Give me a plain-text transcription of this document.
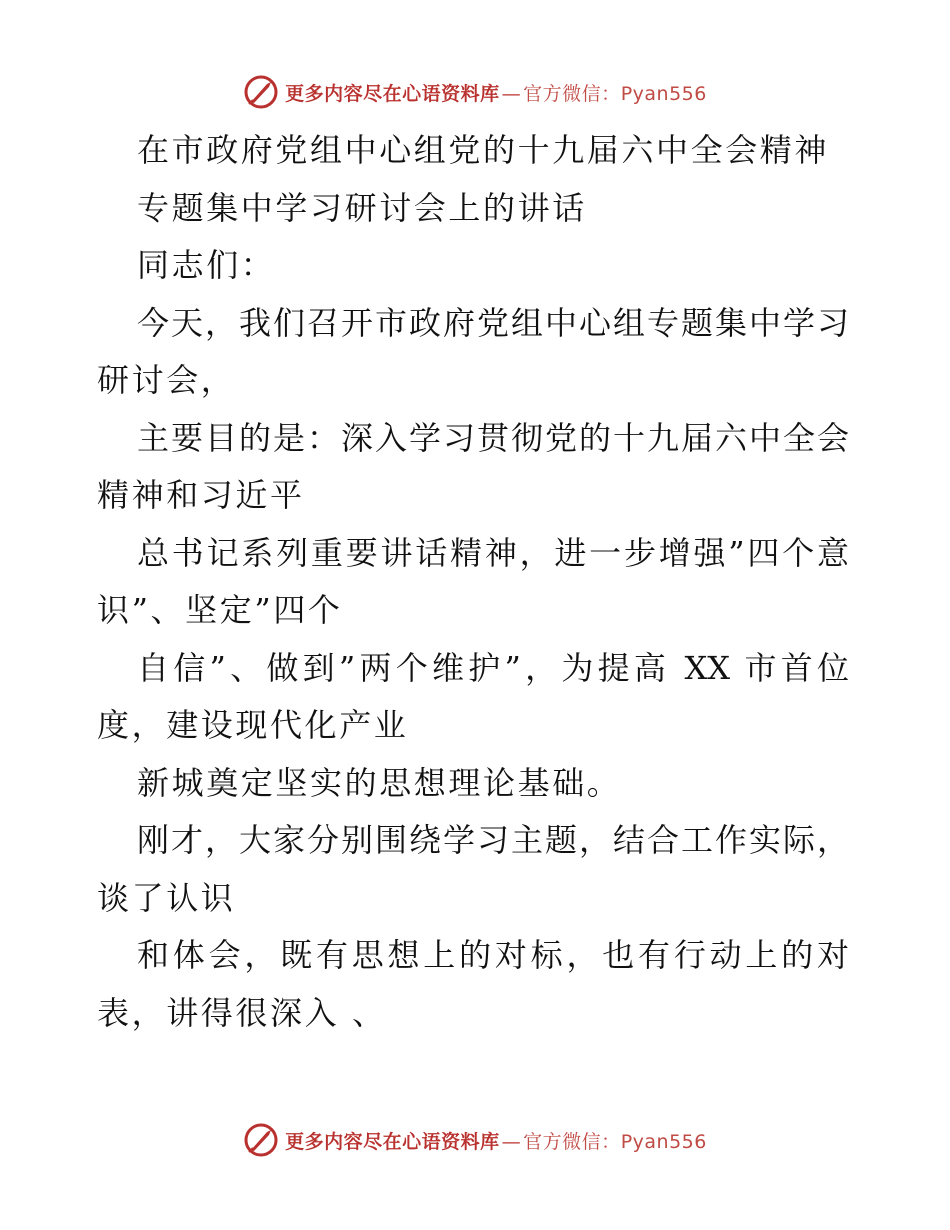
更多内容尽在心语资料库 — 官方微信： Pyan556
在市政府党组中心组党的十九届六中全会精神
专题集中学习研讨会上的讲话
同志们：
今天，我们召开市政府党组中心组专题集中学习
研讨会，
主要目的是：深入学习贯彻党的十九届六中全会
精神和习近平
总书记系列重要讲话精神，进一步增强”四个意
识”、坚定”四个
自信”、做到”两个维护”，为提高 XX 市首位
度，建设现代化产业
新城奠定坚实的思想理论基础。
刚才，大家分别围绕学习主题，结合工作实际，
谈了认识
和体会，既有思想上的对标，也有行动上的对
表，讲得很深入 、
更多内容尽在心语资料库 — 官方微信： Pyan556
